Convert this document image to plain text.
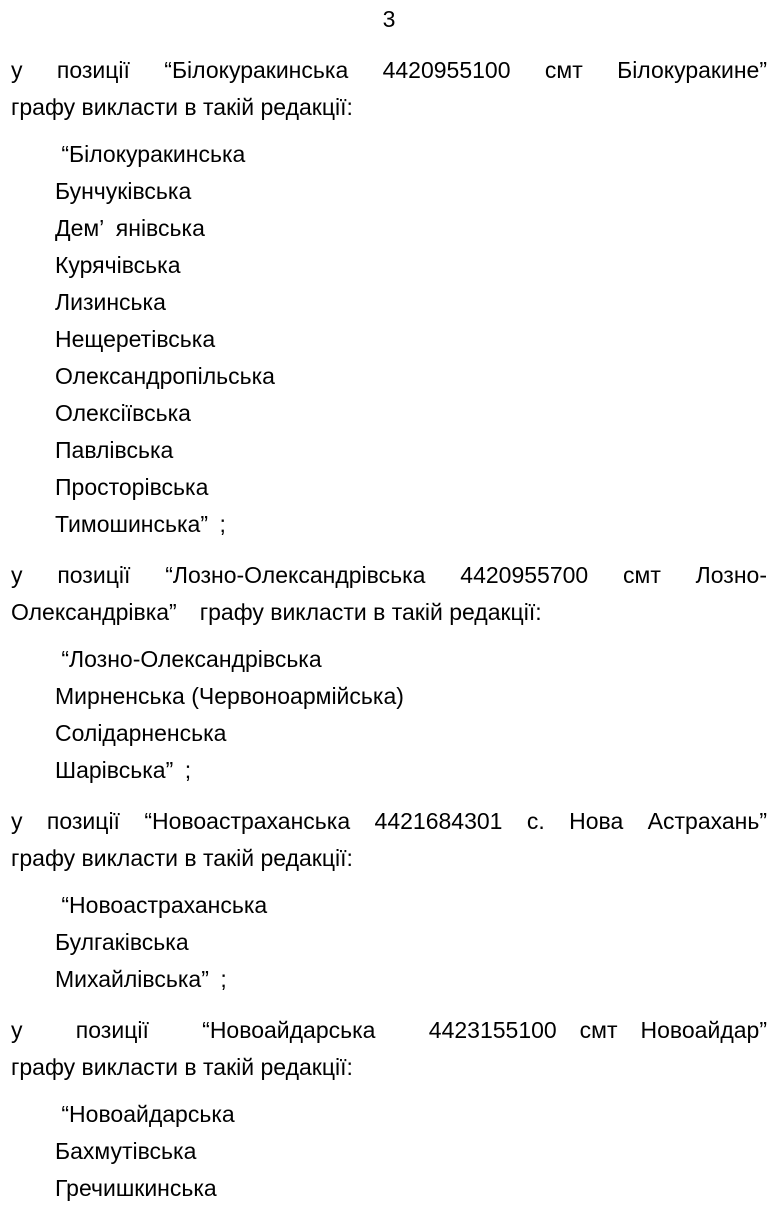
3
у позиції “Білокуракинська 4420955100 смт Білокуракине”
графу викласти в такій редакції:
“Білокуракинська
Бунчуківська
Дем’ янівська
Курячівська
Лизинська
Нещеретівська
Олександропільська
Олексіївська
Павлівська
Просторівська
Тимошинська” ;
у позиції “Лозно-Олександрівська 4420955700 смт Лозно-
Олександрівка” графу викласти в такій редакції:
“Лозно-Олександрівська
Мирненська (Червоноармійська)
Солідарненська
Шарівська” ;
у позиції “Новоастраханська 4421684301 с. Нова Астрахань”
графу викласти в такій редакції:
“Новоастраханська
Булгаківська
Михайлівська” ;
у позиції “Новоайдарська 4423155100 смт Новоайдар”
графу викласти в такій редакції:
“Новоайдарська
Бахмутівська
Гречишкинська
